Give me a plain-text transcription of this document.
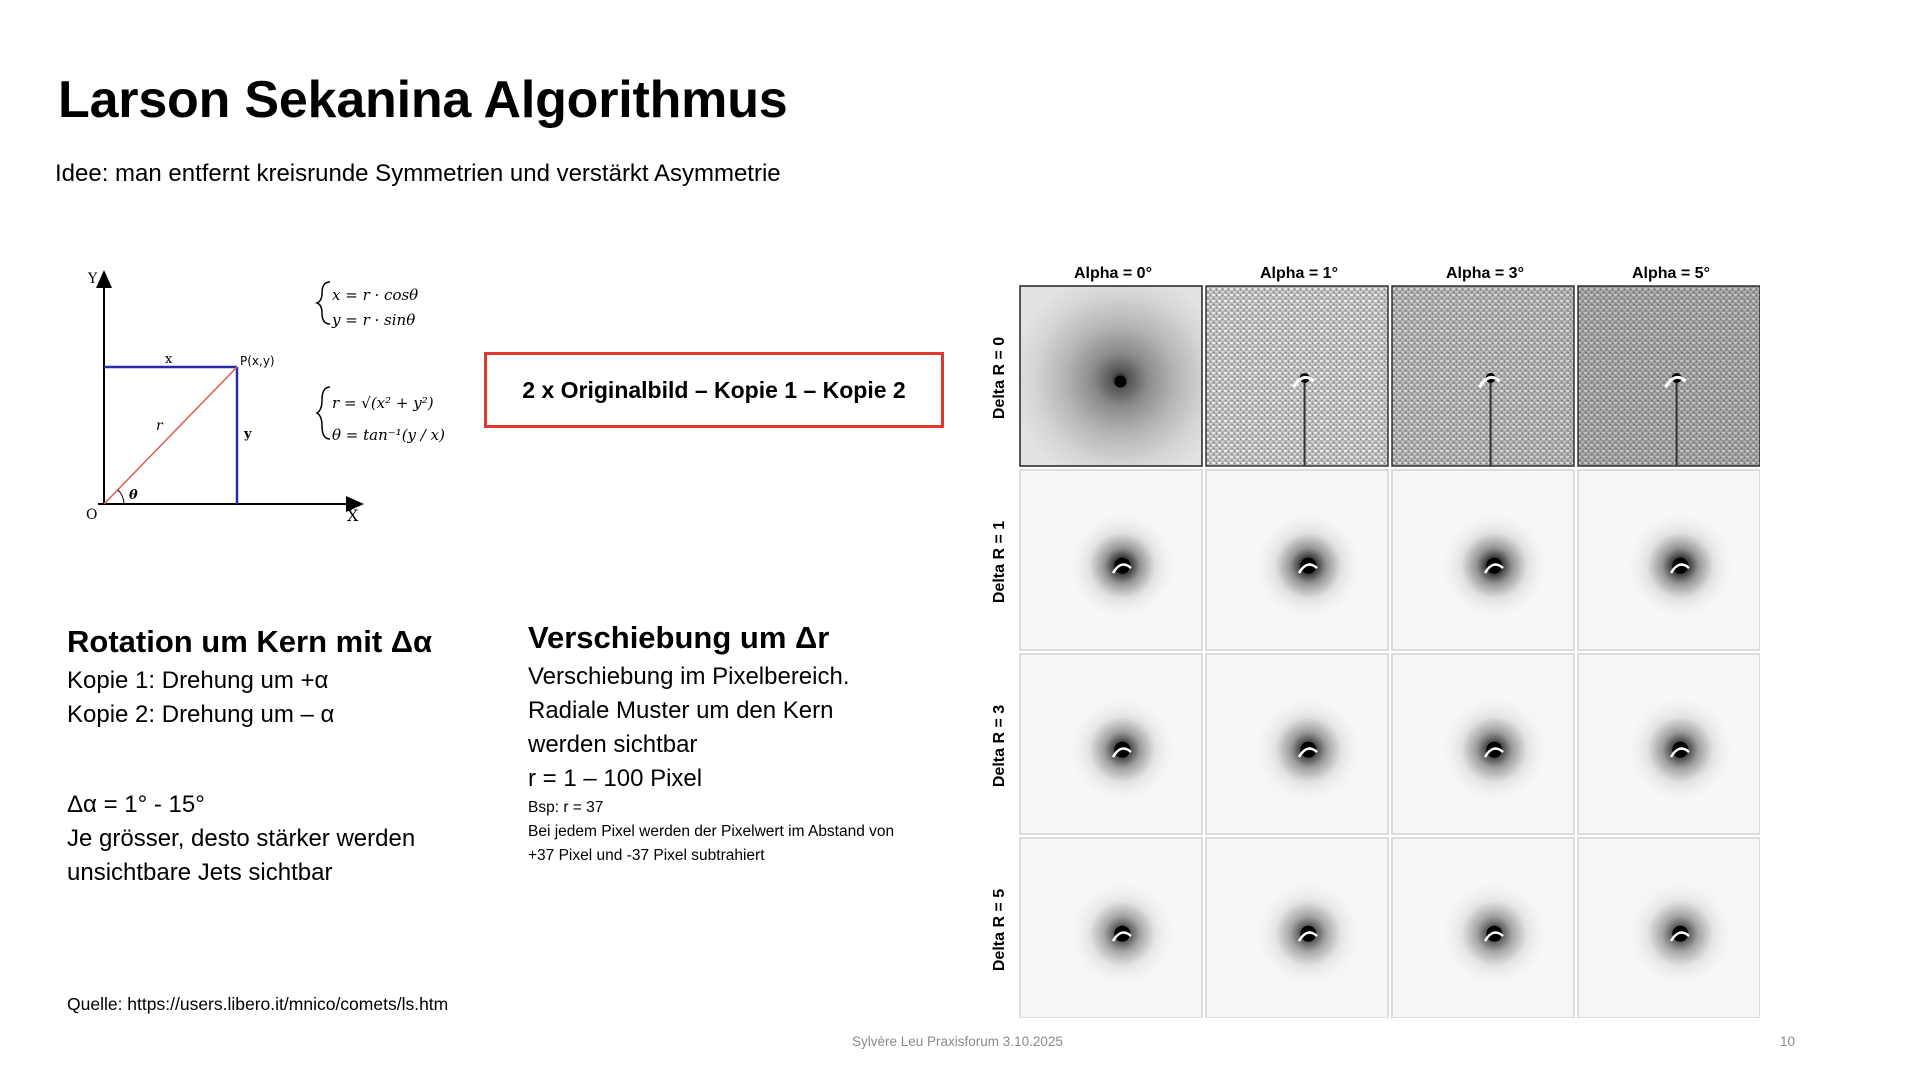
Larson Sekanina Algorithmus
Idee: man entfernt kreisrunde Symmetrien und verstärkt Asymmetrie
Y
X
O
x
y
r
θ
P(x,y)
x = r · cosθ
y = r · sinθ
r = √(x² + y²)
θ = tan⁻¹(y / x)
2 x Originalbild – Kopie 1 – Kopie 2
Rotation um Kern mit Δα
Kopie 1: Drehung um +α
Kopie 2: Drehung um – α
Δα = 1° - 15°
Je grösser, desto stärker werden
unsichtbare Jets sichtbar
Verschiebung um Δr
Verschiebung im Pixelbereich.
Radiale Muster um den Kern
werden sichtbar
r = 1 – 100 Pixel
Bsp: r = 37
Bei jedem Pixel werden der Pixelwert im Abstand von
+37 Pixel und -37 Pixel subtrahiert
Alpha = 0°	Alpha = 1°	Alpha = 3°	Alpha = 5°
Delta R = 0
Delta R = 1
Delta R = 3
Delta R = 5
Quelle: https://users.libero.it/mnico/comets/ls.htm
Sylvère Leu Praxisforum 3.10.2025	10
